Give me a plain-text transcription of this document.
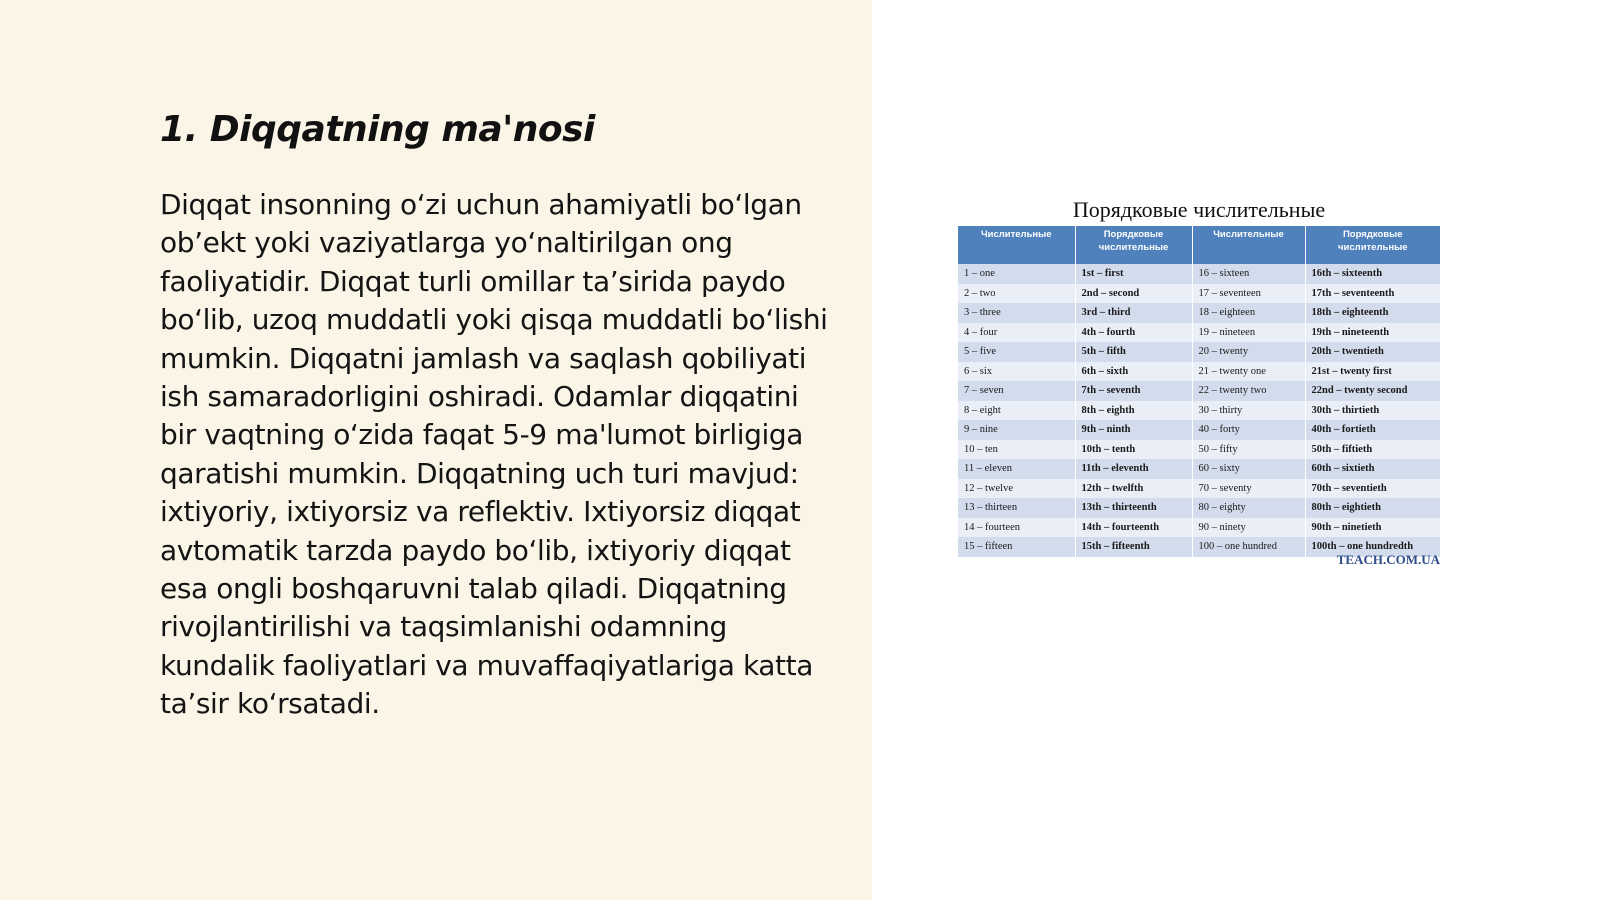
1. Diqqatning ma'nosi

Diqqat insonning o‘zi uchun ahamiyatli bo‘lgan ob’ekt yoki vaziyatlarga yo‘naltirilgan ong faoliyatidir. Diqqat turli omillar ta’sirida paydo bo‘lib, uzoq muddatli yoki qisqa muddatli bo‘lishi mumkin. Diqqatni jamlash va saqlash qobiliyati ish samaradorligini oshiradi. Odamlar diqqatini bir vaqtning o‘zida faqat 5-9 ma'lumot birligiga qaratishi mumkin. Diqqatning uch turi mavjud: ixtiyoriy, ixtiyorsiz va reflektiv. Ixtiyorsiz diqqat avtomatik tarzda paydo bo‘lib, ixtiyoriy diqqat esa ongli boshqaruvni talab qiladi. Diqqatning rivojlantirilishi va taqsimlanishi odamning kundalik faoliyatlari va muvaffaqiyatlariga katta ta’sir ko‘rsatadi.

Порядковые числительные
Числительные	Порядковые числительные	Числительные	Порядковые числительные
1 – one	1st – first	16 – sixteen	16th – sixteenth
2 – two	2nd – second	17 – seventeen	17th – seventeenth
3 – three	3rd – third	18 – eighteen	18th – eighteenth
4 – four	4th – fourth	19 – nineteen	19th – nineteenth
5 – five	5th – fifth	20 – twenty	20th – twentieth
6 – six	6th – sixth	21 – twenty one	21st – twenty first
7 – seven	7th – seventh	22 – twenty two	22nd – twenty second
8 – eight	8th – eighth	30 – thirty	30th – thirtieth
9 – nine	9th – ninth	40 – forty	40th – fortieth
10 – ten	10th – tenth	50 – fifty	50th – fiftieth
11 – eleven	11th – eleventh	60 – sixty	60th – sixtieth
12 – twelve	12th – twelfth	70 – seventy	70th – seventieth
13 – thirteen	13th – thirteenth	80 – eighty	80th – eightieth
14 – fourteen	14th – fourteenth	90 – ninety	90th – ninetieth
15 – fifteen	15th – fifteenth	100 – one hundred	100th – one hundredth
TEACH.COM.UA
